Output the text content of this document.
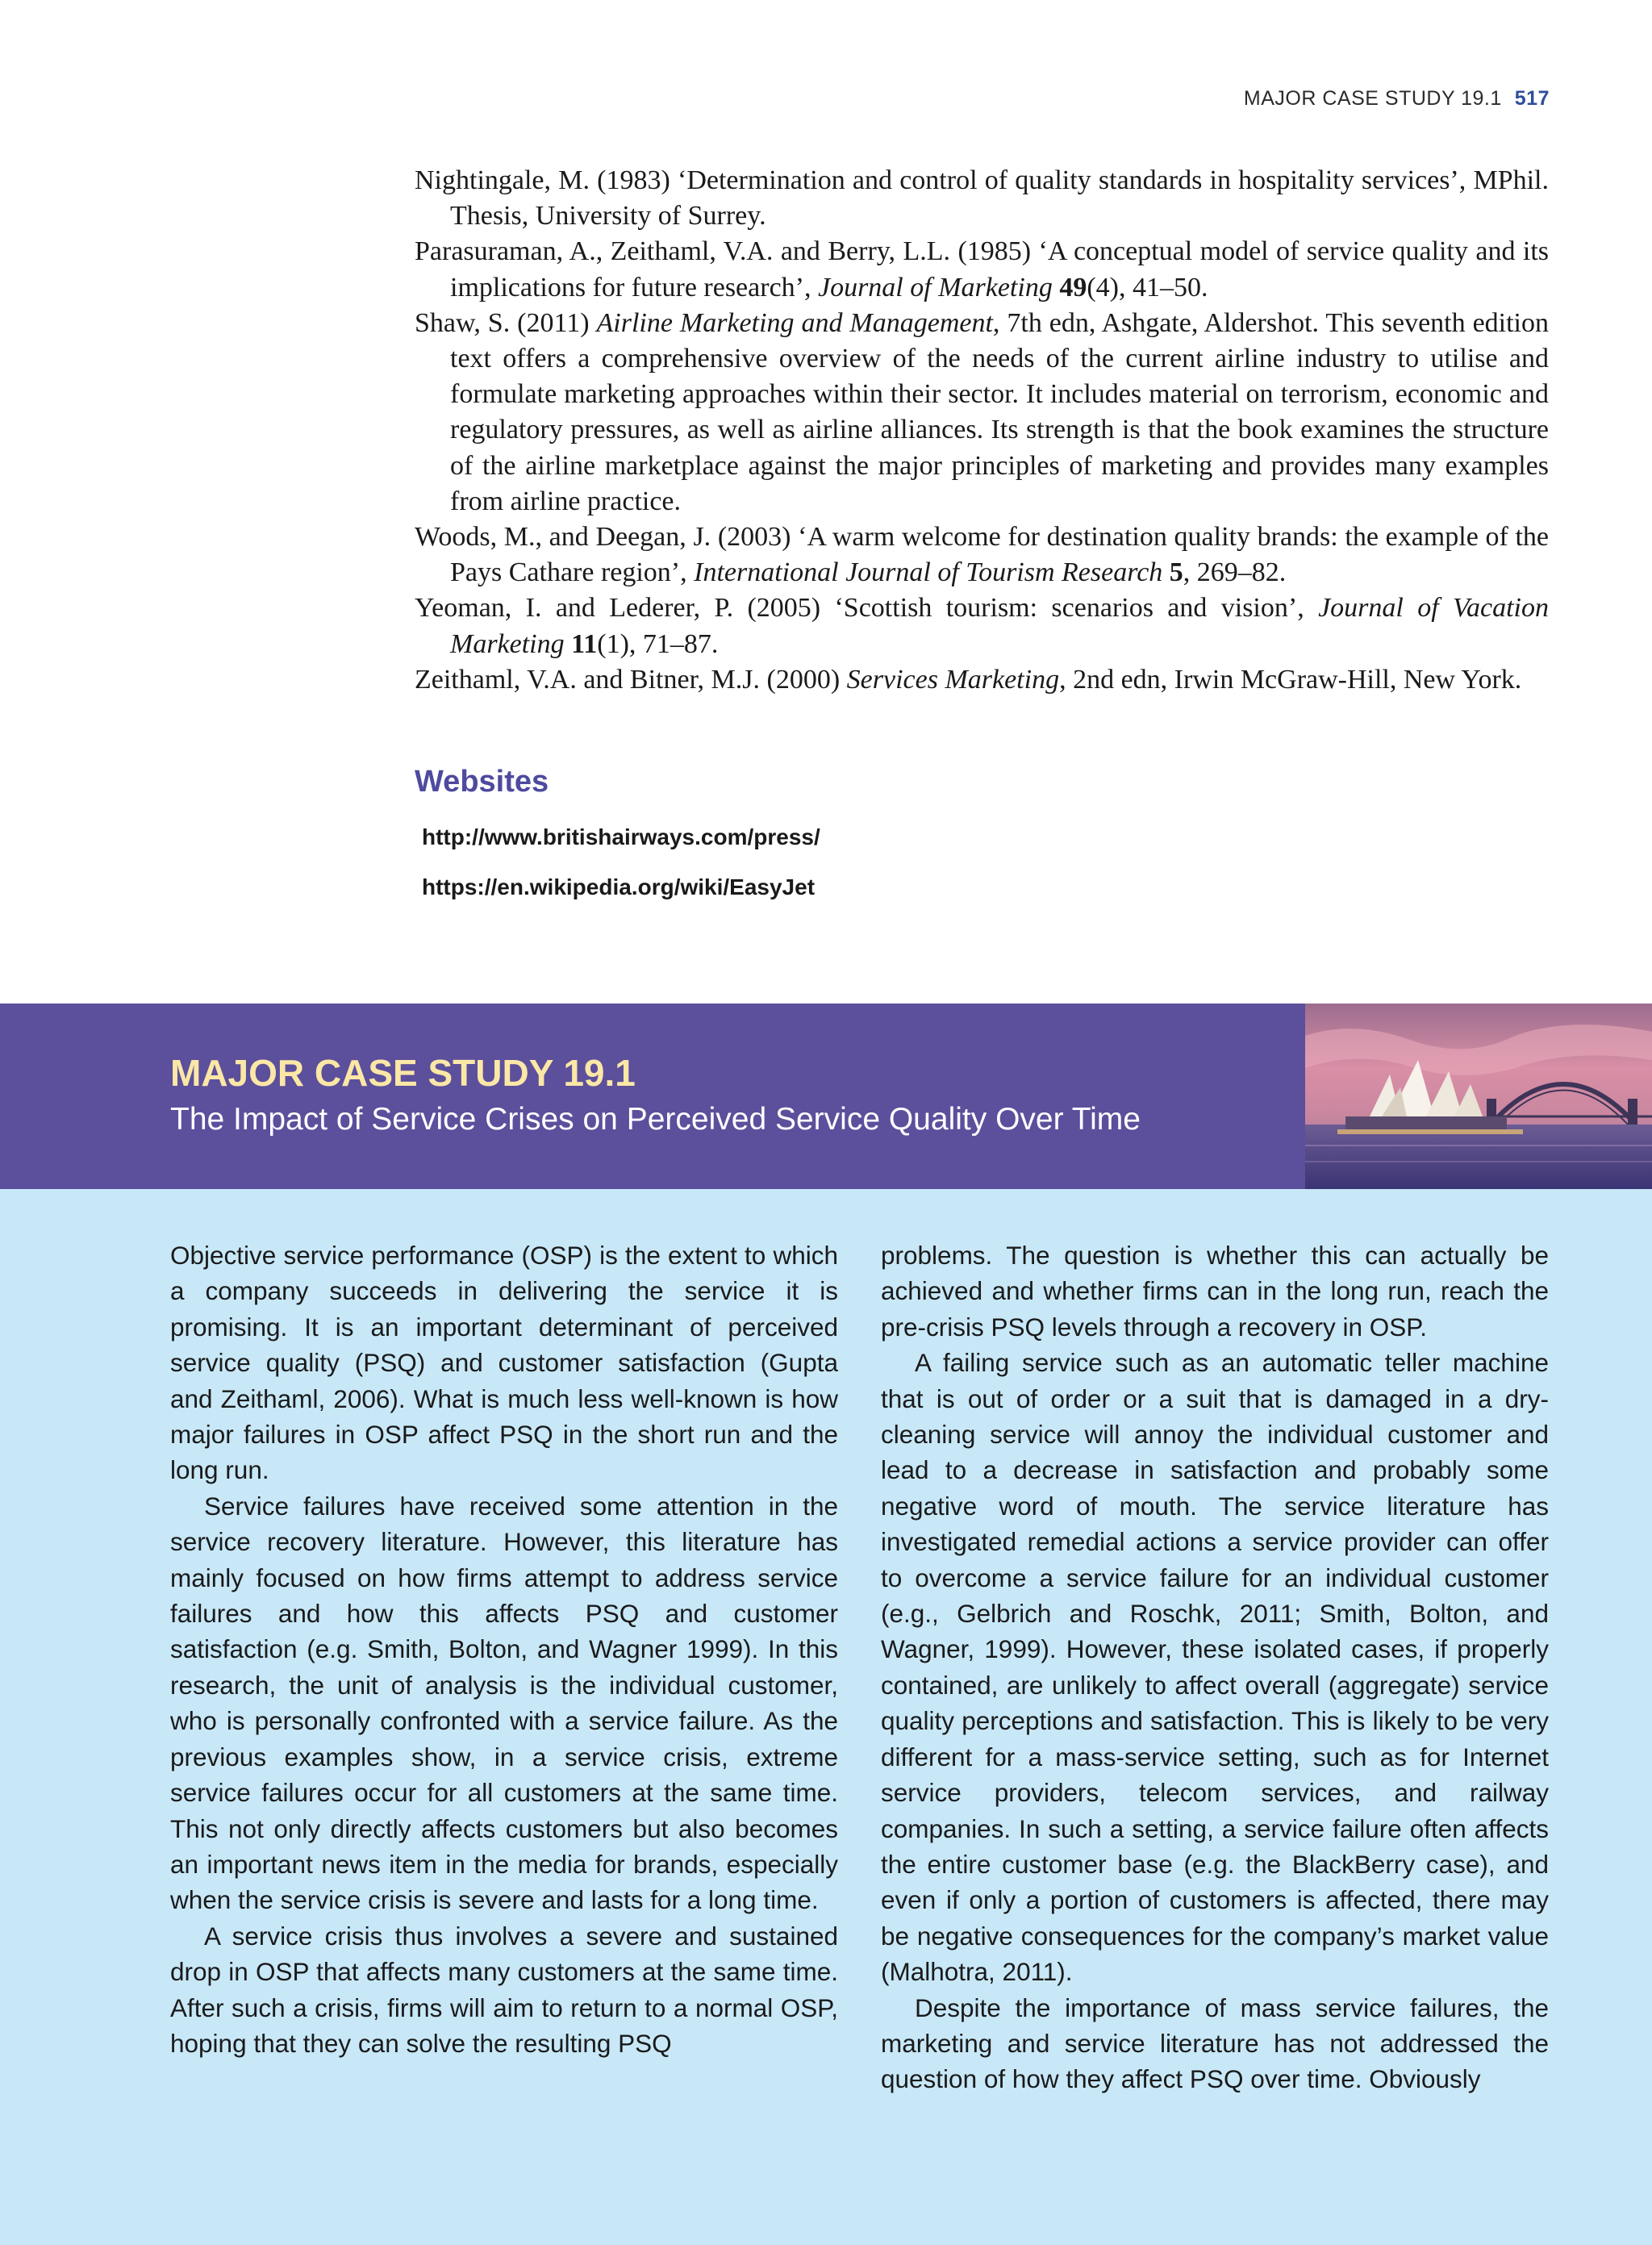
MAJOR CASE STUDY 19.1 517
Nightingale, M. (1983) ‘Determination and control of quality standards in hospitality services’, MPhil. Thesis, University of Surrey.
Parasuraman, A., Zeithaml, V.A. and Berry, L.L. (1985) ‘A conceptual model of service quality and its implications for future research’, Journal of Marketing 49(4), 41–50.
Shaw, S. (2011) Airline Marketing and Management, 7th edn, Ashgate, Aldershot. This seventh edition text offers a comprehensive overview of the needs of the current airline industry to utilise and formulate marketing approaches within their sector. It includes material on terrorism, economic and regulatory pressures, as well as airline alliances. Its strength is that the book examines the structure of the airline marketplace against the major principles of marketing and provides many examples from airline practice.
Woods, M., and Deegan, J. (2003) ‘A warm welcome for destination quality brands: the example of the Pays Cathare region’, International Journal of Tourism Research 5, 269–82.
Yeoman, I. and Lederer, P. (2005) ‘Scottish tourism: scenarios and vision’, Journal of Vacation Marketing 11(1), 71–87.
Zeithaml, V.A. and Bitner, M.J. (2000) Services Marketing, 2nd edn, Irwin McGraw-Hill, New York.
Websites
http://www.britishairways.com/press/
https://en.wikipedia.org/wiki/EasyJet
MAJOR CASE STUDY 19.1
The Impact of Service Crises on Perceived Service Quality Over Time

Objective service performance (OSP) is the extent to which a company succeeds in delivering the service it is promising. It is an important determinant of perceived service quality (PSQ) and customer satisfaction (Gupta and Zeithaml, 2006). What is much less well-known is how major failures in OSP affect PSQ in the short run and the long run.

Service failures have received some attention in the service recovery literature. However, this literature has mainly focused on how firms attempt to address service failures and how this affects PSQ and customer satisfaction (e.g. Smith, Bolton, and Wagner 1999). In this research, the unit of analysis is the individual customer, who is personally confronted with a service failure. As the previous examples show, in a service crisis, extreme service failures occur for all customers at the same time. This not only directly affects customers but also becomes an important news item in the media for brands, especially when the service crisis is severe and lasts for a long time.

A service crisis thus involves a severe and sustained drop in OSP that affects many customers at the same time. After such a crisis, firms will aim to return to a normal OSP, hoping that they can solve the resulting PSQ

problems. The question is whether this can actually be achieved and whether firms can in the long run, reach the pre-crisis PSQ levels through a recovery in OSP.

A failing service such as an automatic teller machine that is out of order or a suit that is damaged in a dry-cleaning service will annoy the individual customer and lead to a decrease in satisfaction and probably some negative word of mouth. The service literature has investigated remedial actions a service provider can offer to overcome a service failure for an individual customer (e.g., Gelbrich and Roschk, 2011; Smith, Bolton, and Wagner, 1999). However, these isolated cases, if properly contained, are unlikely to affect overall (aggregate) service quality perceptions and satisfaction. This is likely to be very different for a mass-service setting, such as for Internet service providers, telecom services, and railway companies. In such a setting, a service failure often affects the entire customer base (e.g. the BlackBerry case), and even if only a portion of customers is affected, there may be negative consequences for the company’s market value (Malhotra, 2011).

Despite the importance of mass service failures, the marketing and service literature has not addressed the question of how they affect PSQ over time. Obviously
